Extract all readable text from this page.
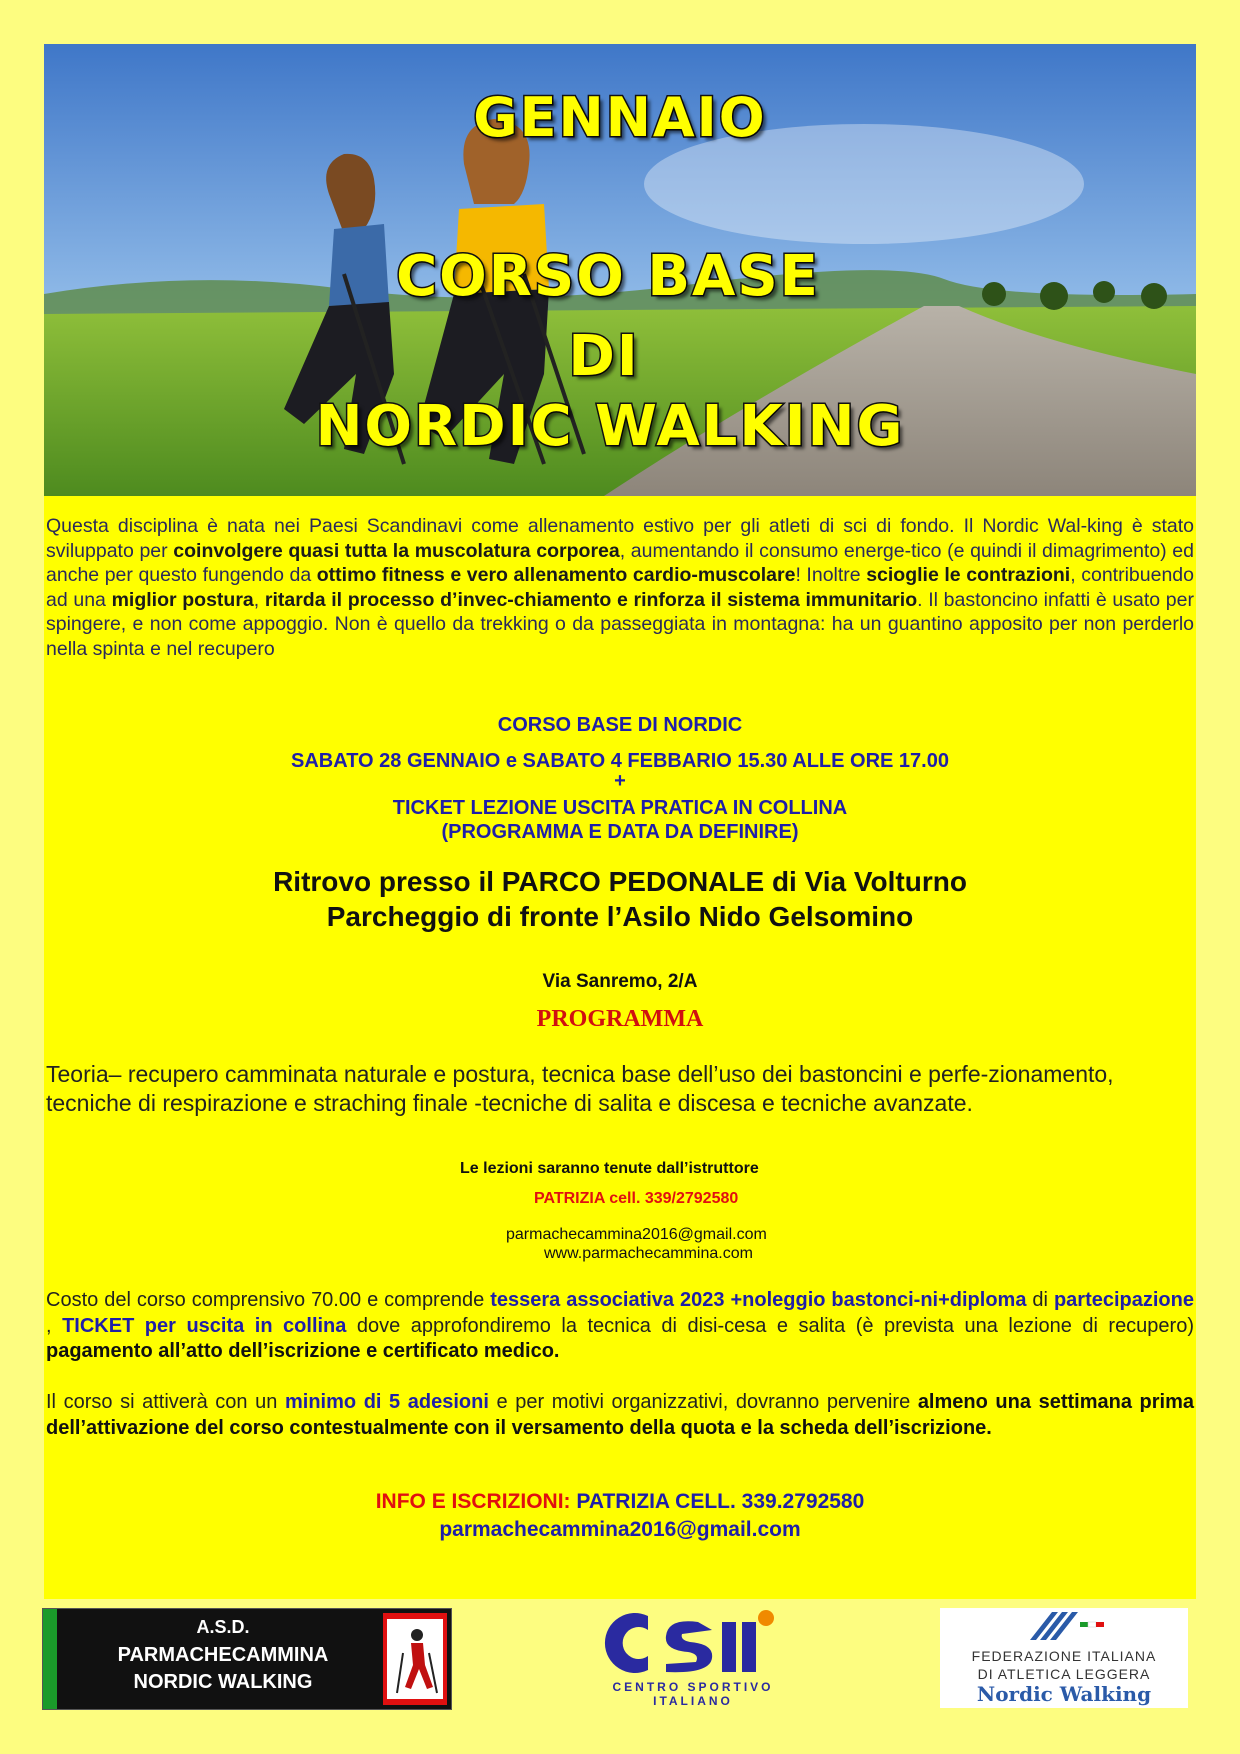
GENNAIO
CORSO BASE
DI
NORDIC WALKING

Questa disciplina è nata nei Paesi Scandinavi come allenamento estivo per gli atleti di sci di fondo. Il Nordic Wal-king è stato sviluppato per coinvolgere quasi tutta la muscolatura corporea, aumentando il consumo energe-tico (e quindi il dimagrimento) ed anche per questo fungendo da ottimo fitness e vero allenamento cardio-muscolare! Inoltre scioglie le contrazioni, contribuendo ad una miglior postura, ritarda il processo d’invec-chiamento e rinforza il sistema immunitario. Il bastoncino infatti è usato per spingere, e non come appoggio. Non è quello da trekking o da passeggiata in montagna: ha un guantino apposito per non perderlo nella spinta e nel recupero

CORSO BASE DI NORDIC
SABATO 28 GENNAIO e SABATO 4 FEBBARIO 15.30 ALLE ORE 17.00
+
TICKET LEZIONE USCITA PRATICA IN COLLINA
(PROGRAMMA E DATA DA DEFINIRE)
Ritrovo presso il PARCO PEDONALE di Via Volturno
Parcheggio di fronte l’Asilo Nido Gelsomino
Via Sanremo, 2/A
PROGRAMMA

Teoria– recupero camminata naturale e postura, tecnica base dell’uso dei bastoncini e perfe-zionamento, tecniche di respirazione e straching finale -tecniche di salita e discesa e tecniche avanzate.

Le lezioni saranno tenute dall’istruttore
PATRIZIA cell. 339/2792580
parmachecammina2016@gmail.com
www.parmachecammina.com

Costo del corso comprensivo 70.00 e comprende tessera associativa 2023 +noleggio bastonci-ni+diploma di partecipazione , TICKET per uscita in collina dove approfondiremo la tecnica di disi-cesa e salita (è prevista una lezione di recupero) pagamento all’atto dell’iscrizione e certificato medico.

Il corso si attiverà con un minimo di 5 adesioni e per motivi organizzativi, dovranno pervenire almeno una settimana prima dell’attivazione del corso contestualmente con il versamento della quota e la scheda dell’iscrizione.

INFO E ISCRIZIONI: PATRIZIA CELL. 339.2792580
parmachecammina2016@gmail.com
A.S.D.
PARMACHECAMMINA
NORDIC WALKING	CENTRO SPORTIVO ITALIANO
FEDERAZIONE ITALIANA
DI ATLETICA LEGGERA
Nordic Walking
